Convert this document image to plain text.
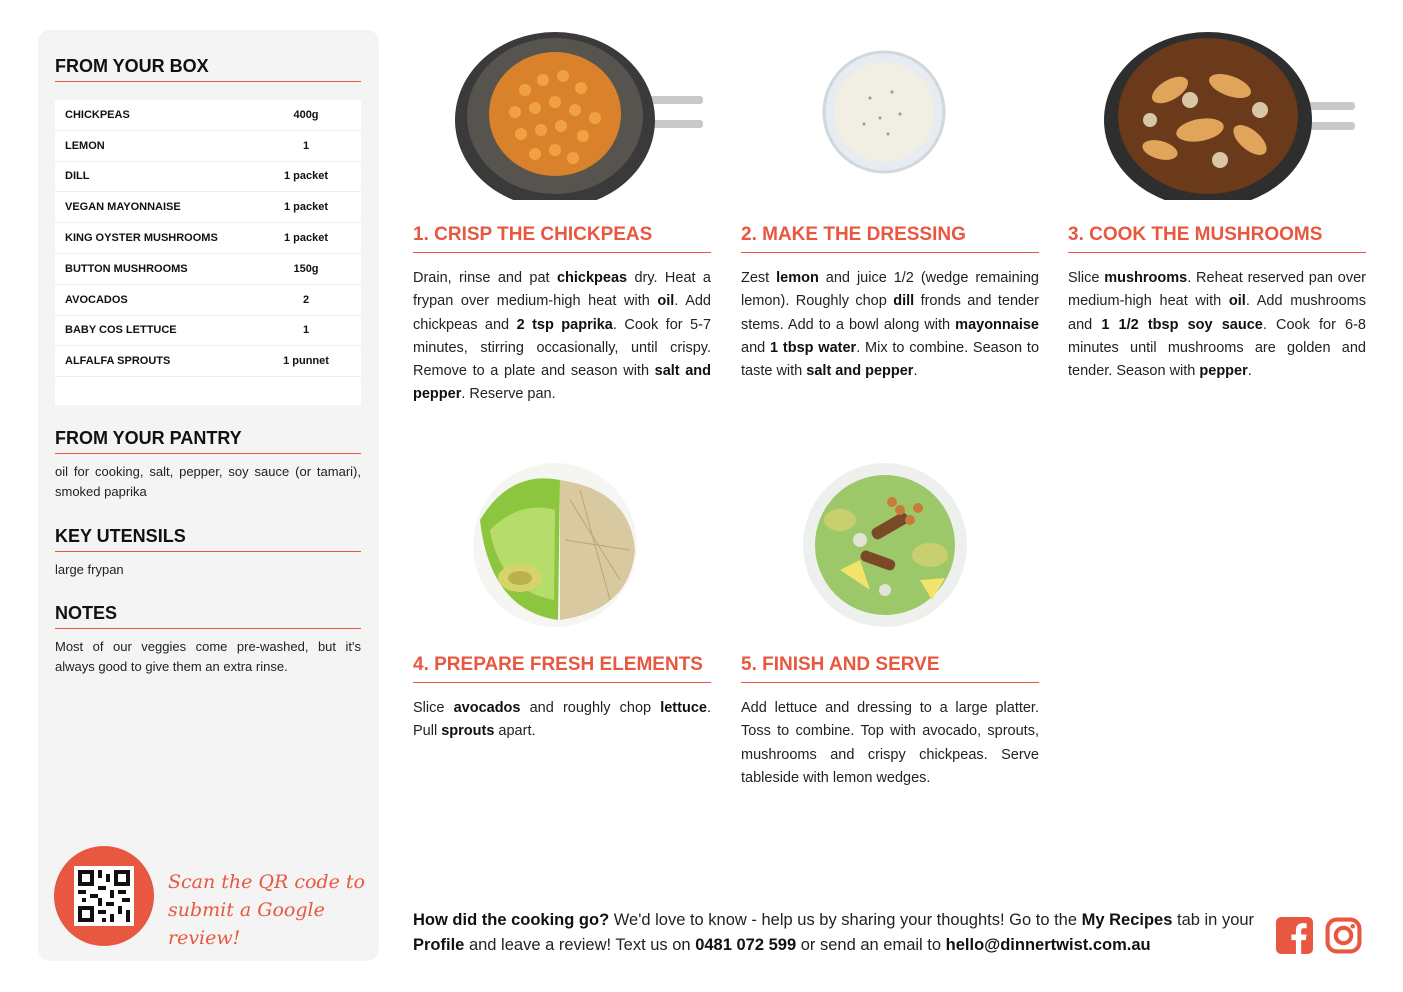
FROM YOUR BOX
CHICKPEAS	400g
LEMON	1
DILL	1 packet
VEGAN MAYONNAISE	1 packet
KING OYSTER MUSHROOMS	1 packet
BUTTON MUSHROOMS	150g
AVOCADOS	2
BABY COS LETTUCE	1
ALFALFA SPROUTS	1 punnet
FROM YOUR PANTRY
oil for cooking, salt, pepper, soy sauce (or tamari), smoked paprika
KEY UTENSILS
large frypan
NOTES
Most of our veggies come pre-washed, but it's always good to give them an extra rinse.
Scan the QR code to
submit a Google review!
1. CRISP THE CHICKPEAS
Drain, rinse and pat chickpeas dry. Heat a frypan over medium-high heat with oil. Add chickpeas and 2 tsp paprika. Cook for 5-7 minutes, stirring occasionally, until crispy. Remove to a plate and season with salt and pepper. Reserve pan.
2. MAKE THE DRESSING
Zest lemon and juice 1/2 (wedge remaining lemon). Roughly chop dill fronds and tender stems. Add to a bowl along with mayonnaise and 1 tbsp water. Mix to combine. Season to taste with salt and pepper.
3. COOK THE MUSHROOMS
Slice mushrooms. Reheat reserved pan over medium-high heat with oil. Add mushrooms and 1 1/2 tbsp soy sauce. Cook for 6-8 minutes until mushrooms are golden and tender. Season with pepper.
4. PREPARE FRESH ELEMENTS
Slice avocados and roughly chop lettuce. Pull sprouts apart.
5. FINISH AND SERVE
Add lettuce and dressing to a large platter. Toss to combine. Top with avocado, sprouts, mushrooms and crispy chickpeas. Serve tableside with lemon wedges.
How did the cooking go? We'd love to know - help us by sharing your thoughts! Go to the My Recipes tab in your Profile and leave a review! Text us on 0481 072 599 or send an email to hello@dinnertwist.com.au
